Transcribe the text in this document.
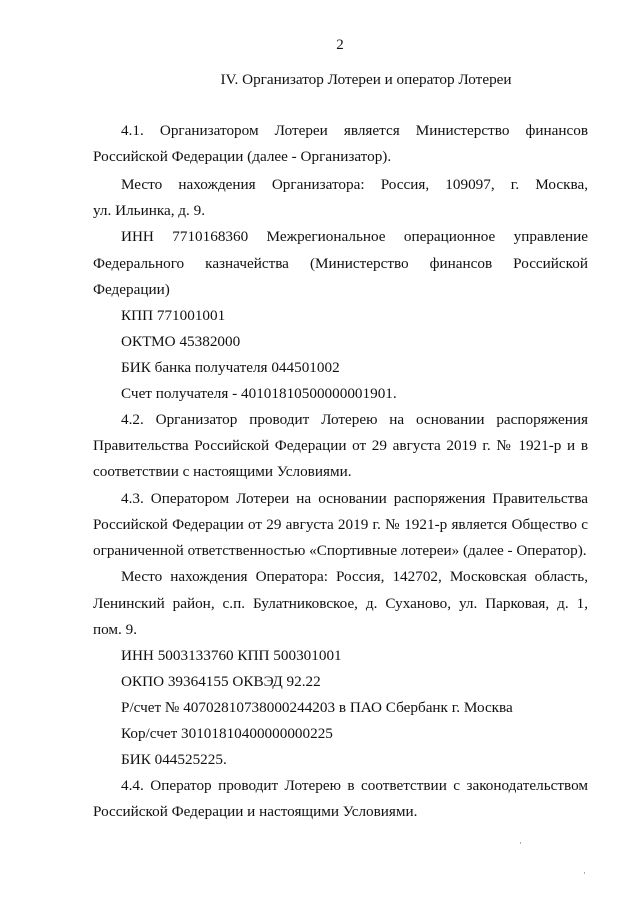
2
IV. Организатор Лотереи и оператор Лотереи
4.1. Организатором Лотереи является Министерство финансов
Российской Федерации (далее - Организатор).
Место нахождения Организатора: Россия, 109097, г. Москва,
ул. Ильинка, д. 9.
ИНН 7710168360 Межрегиональное операционное управление
Федерального казначейства (Министерство финансов Российской
Федерации)
КПП 771001001
ОКТМО 45382000
БИК банка получателя 044501002
Счет получателя - 40101810500000001901.
4.2. Организатор проводит Лотерею на основании распоряжения
Правительства Российской Федерации от 29 августа 2019 г. № 1921-р и в
соответствии с настоящими Условиями.
4.3. Оператором Лотереи на основании распоряжения Правительства
Российской Федерации от 29 августа 2019 г. № 1921-р является Общество с
ограниченной ответственностью «Спортивные лотереи» (далее - Оператор).
Место нахождения Оператора: Россия, 142702, Московская область,
Ленинский район, с.п. Булатниковское, д. Суханово, ул. Парковая, д. 1,
пом. 9.
ИНН 5003133760 КПП 500301001
ОКПО 39364155 ОКВЭД 92.22
Р/счет № 40702810738000244203 в ПАО Сбербанк г. Москва
Кор/счет 30101810400000000225
БИК 044525225.
4.4. Оператор проводит Лотерею в соответствии с законодательством
Российской Федерации и настоящими Условиями.
·
·
